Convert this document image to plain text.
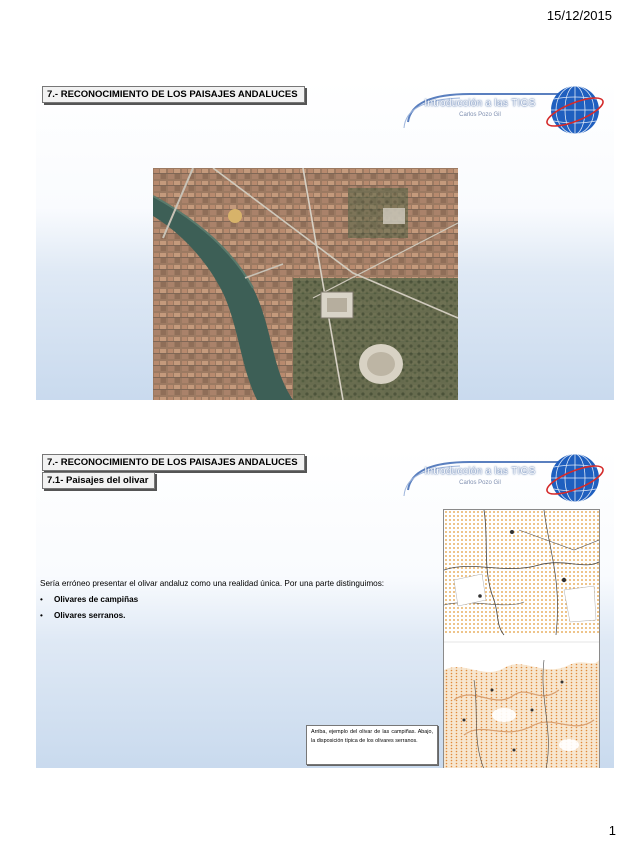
15/12/2015
7.- RECONOCIMIENTO DE LOS PAISAJES ANDALUCES
Introducción a las TIGS
Carlos Pozo Gil
7.- RECONOCIMIENTO DE LOS PAISAJES ANDALUCES
7.1- Paisajes del olivar
Introducción a las TIGS
Carlos Pozo Gil
Sería erróneo presentar el olivar andaluz como una realidad única. Por una parte distinguimos:
• Olivares de campiñas
• Olivares serranos.
Arriba, ejemplo del olivar de las campiñas. Abajo, la disposición típica de los olivares serranos.
1
